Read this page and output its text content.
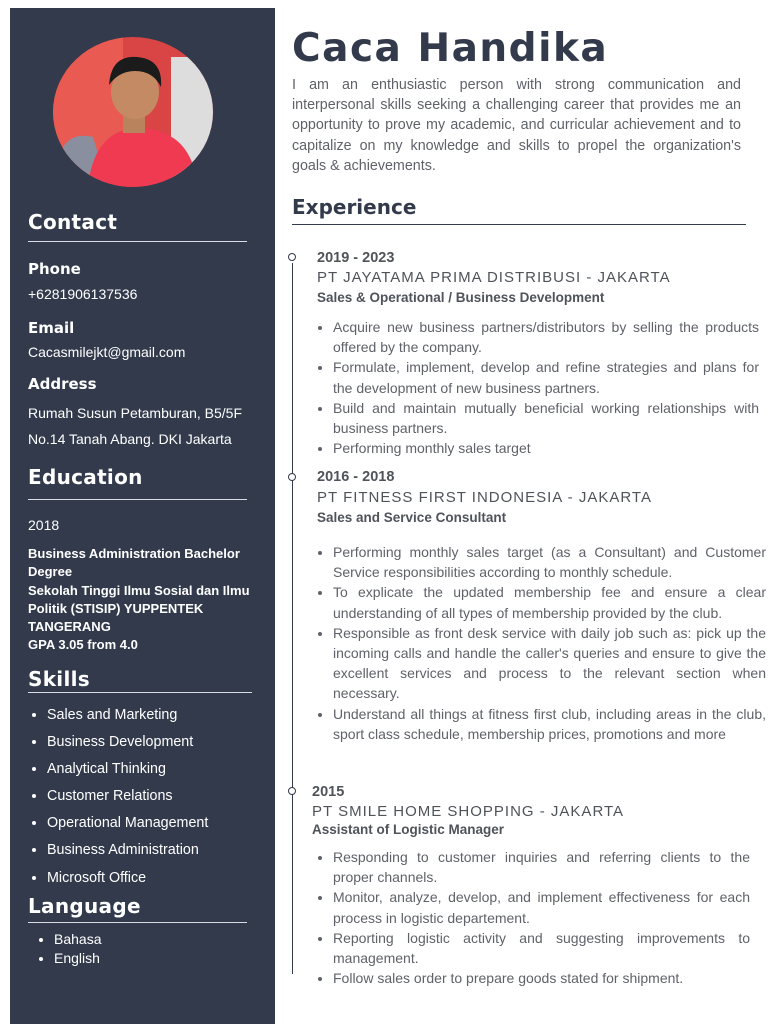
Contact
Phone
+6281906137536
Email
Cacasmilejkt@gmail.com
Address
Rumah Susun Petamburan, B5/5F
No.14 Tanah Abang. DKI Jakarta
Education
2018
Business Administration Bachelor
Degree
Sekolah Tinggi Ilmu Sosial dan Ilmu
Politik (STISIP) YUPPENTEK
TANGERANG
GPA 3.05 from 4.0
Skills
• Sales and Marketing
• Business Development
• Analytical Thinking
• Customer Relations
• Operational Management
• Business Administration
• Microsoft Office
Language
• Bahasa
• English
Caca Handika

I am an enthusiastic person with strong communication and interpersonal skills seeking a challenging career that provides me an opportunity to prove my academic, and curricular achievement and to capitalize on my knowledge and skills to propel the organization's goals & achievements.

Experience
2019 - 2023
PT JAYATAMA PRIMA DISTRIBUSI - JAKARTA
Sales & Operational / Business Development
• Acquire new business partners/distributors by selling the products offered by the company.
• Formulate, implement, develop and refine strategies and plans for the development of new business partners.
• Build and maintain mutually beneficial working relationships with business partners.
• Performing monthly sales target
2016 - 2018
PT FITNESS FIRST INDONESIA - JAKARTA
Sales and Service Consultant
• Performing monthly sales target (as a Consultant) and Customer Service responsibilities according to monthly schedule.
• To explicate the updated membership fee and ensure a clear understanding of all types of membership provided by the club.
• Responsible as front desk service with daily job such as: pick up the incoming calls and handle the caller's queries and ensure to give the excellent services and process to the relevant section when necessary.
• Understand all things at fitness first club, including areas in the club, sport class schedule, membership prices, promotions and more
2015
PT SMILE HOME SHOPPING - JAKARTA
Assistant of Logistic Manager
• Responding to customer inquiries and referring clients to the proper channels.
• Monitor, analyze, develop, and implement effectiveness for each process in logistic departement.
• Reporting logistic activity and suggesting improvements to management.
• Follow sales order to prepare goods stated for shipment.
